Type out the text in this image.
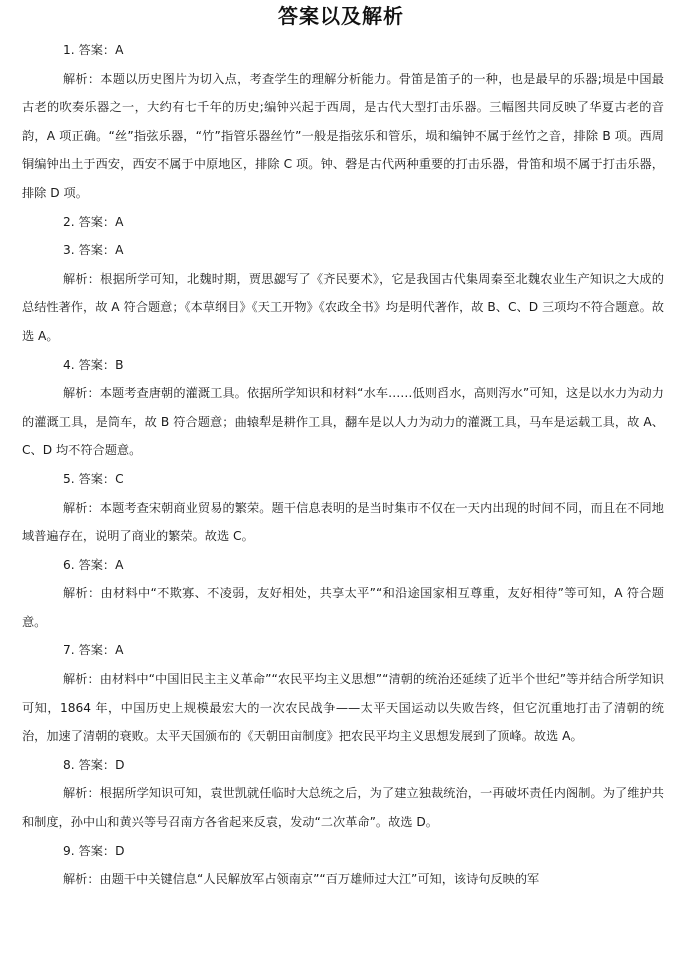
答案以及解析

1. 答案：A

解析：本题以历史图片为切入点，考查学生的理解分析能力。骨笛是笛子的一种，也是最早的乐器;埙是中国最古老的吹奏乐器之一，大约有七千年的历史;编钟兴起于西周，是古代大型打击乐器。三幅图共同反映了华夏古老的音韵，A 项正确。“丝”指弦乐器，“竹”指管乐器丝竹”一般是指弦乐和管乐，埙和编钟不属于丝竹之音，排除 B 项。西周铜编钟出土于西安，西安不属于中原地区，排除 C 项。钟、磬是古代两种重要的打击乐器，骨笛和埙不属于打击乐器，排除 D 项。

2. 答案：A

3. 答案：A

解析：根据所学可知，北魏时期，贾思勰写了《齐民要术》，它是我国古代集周秦至北魏农业生产知识之大成的总结性著作，故 A 符合题意；《本草纲目》《天工开物》《农政全书》均是明代著作，故 B、C、D 三项均不符合题意。故选 A。

4. 答案：B

解析：本题考查唐朝的灌溉工具。依据所学知识和材料“水车……低则舀水，高则泻水”可知，这是以水力为动力的灌溉工具，是筒车，故 B 符合题意；曲辕犁是耕作工具，翻车是以人力为动力的灌溉工具，马车是运载工具，故 A、C、D 均不符合题意。

5. 答案：C

解析：本题考查宋朝商业贸易的繁荣。题干信息表明的是当时集市不仅在一天内出现的时间不同，而且在不同地域普遍存在，说明了商业的繁荣。故选 C。

6. 答案：A

解析：由材料中“不欺寡、不凌弱，友好相处，共享太平”“和沿途国家相互尊重，友好相待”等可知，A 符合题意。

7. 答案：A

解析：由材料中“中国旧民主主义革命”“农民平均主义思想”“清朝的统治还延续了近半个世纪”等并结合所学知识可知，1864 年，中国历史上规模最宏大的一次农民战争——太平天国运动以失败告终，但它沉重地打击了清朝的统治，加速了清朝的衰败。太平天国颁布的《天朝田亩制度》把农民平均主义思想发展到了顶峰。故选 A。

8. 答案：D

解析：根据所学知识可知，袁世凯就任临时大总统之后，为了建立独裁统治，一再破坏责任内阁制。为了维护共和制度，孙中山和黄兴等号召南方各省起来反袁，发动“二次革命”。故选 D。

9. 答案：D

解析：由题干中关键信息“人民解放军占领南京”“百万雄师过大江”可知，该诗句反映的军
